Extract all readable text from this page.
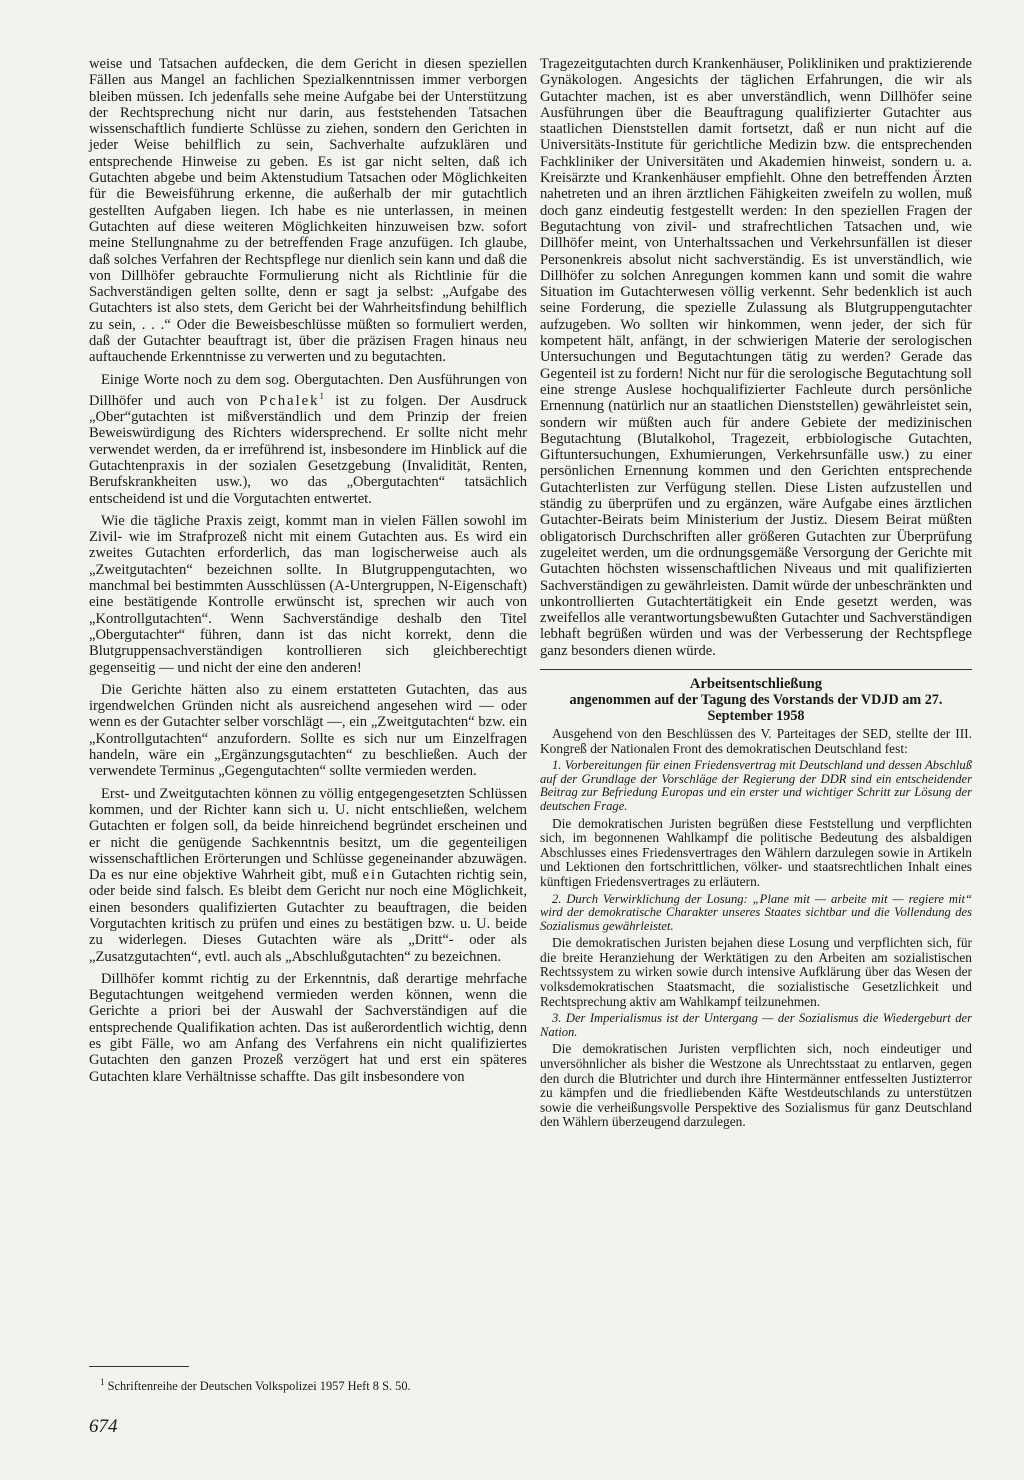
weise und Tatsachen aufdecken, die dem Gericht in diesen speziellen Fällen aus Mangel an fachlichen Spezialkenntnissen immer verborgen bleiben müssen. Ich jedenfalls sehe meine Aufgabe bei der Unterstützung der Rechtsprechung nicht nur darin, aus feststehenden Tatsachen wissenschaftlich fundierte Schlüsse zu ziehen, sondern den Gerichten in jeder Weise behilflich zu sein, Sachverhalte aufzuklären und entsprechende Hinweise zu geben. Es ist gar nicht selten, daß ich Gutachten abgebe und beim Aktenstudium Tatsachen oder Möglichkeiten für die Beweisführung erkenne, die außerhalb der mir gutachtlich gestellten Aufgaben liegen. Ich habe es nie unterlassen, in meinen Gutachten auf diese weiteren Möglichkeiten hinzuweisen bzw. sofort meine Stellungnahme zu der betreffenden Frage anzufügen. Ich glaube, daß solches Verfahren der Rechtspflege nur dienlich sein kann und daß die von Dillhöfer gebrauchte Formulierung nicht als Richtlinie für die Sachverständigen gelten sollte, denn er sagt ja selbst: „Aufgabe des Gutachters ist also stets, dem Gericht bei der Wahrheitsfindung behilflich zu sein, . . .“ Oder die Beweisbeschlüsse müßten so formuliert werden, daß der Gutachter beauftragt ist, über die präzisen Fragen hinaus neu auftauchende Erkenntnisse zu verwerten und zu begutachten.

Einige Worte noch zu dem sog. Obergutachten. Den Ausführungen von Dillhöfer und auch von Pchalek$^1$ ist zu folgen. Der Ausdruck „Ober“gutachten ist mißverständlich und dem Prinzip der freien Beweiswürdigung des Richters widersprechend. Er sollte nicht mehr verwendet werden, da er irreführend ist, insbesondere im Hinblick auf die Gutachtenpraxis in der sozialen Gesetzgebung (Invalidität, Renten, Berufskrankheiten usw.), wo das „Obergutachten“ tatsächlich entscheidend ist und die Vorgutachten entwertet.

Wie die tägliche Praxis zeigt, kommt man in vielen Fällen sowohl im Zivil- wie im Strafprozeß nicht mit einem Gutachten aus. Es wird ein zweites Gutachten erforderlich, das man logischerweise auch als „Zweitgutachten“ bezeichnen sollte. In Blutgruppengutachten, wo manchmal bei bestimmten Ausschlüssen (A-Untergruppen, N-Eigenschaft) eine bestätigende Kontrolle erwünscht ist, sprechen wir auch von „Kontrollgutachten“. Wenn Sachverständige deshalb den Titel „Obergutachter“ führen, dann ist das nicht korrekt, denn die Blutgruppensachverständigen kontrollieren sich gleichberechtigt gegenseitig — und nicht der eine den anderen!

Die Gerichte hätten also zu einem erstatteten Gutachten, das aus irgendwelchen Gründen nicht als ausreichend angesehen wird — oder wenn es der Gutachter selber vorschlägt —, ein „Zweitgutachten“ bzw. ein „Kontrollgutachten“ anzufordern. Sollte es sich nur um Einzelfragen handeln, wäre ein „Ergänzungsgutachten“ zu beschließen. Auch der verwendete Terminus „Gegengutachten“ sollte vermieden werden.

Erst- und Zweitgutachten können zu völlig entgegengesetzten Schlüssen kommen, und der Richter kann sich u. U. nicht entschließen, welchem Gutachten er folgen soll, da beide hinreichend begründet erscheinen und er nicht die genügende Sachkenntnis besitzt, um die gegenteiligen wissenschaftlichen Erörterungen und Schlüsse gegeneinander abzuwägen. Da es nur eine objektive Wahrheit gibt, muß ein Gutachten richtig sein, oder beide sind falsch. Es bleibt dem Gericht nur noch eine Möglichkeit, einen besonders qualifizierten Gutachter zu beauftragen, die beiden Vorgutachten kritisch zu prüfen und eines zu bestätigen bzw. u. U. beide zu widerlegen. Dieses Gutachten wäre als „Dritt“- oder als „Zusatzgutachten“, evtl. auch als „Abschlußgutachten“ zu bezeichnen.

Dillhöfer kommt richtig zu der Erkenntnis, daß derartige mehrfache Begutachtungen weitgehend vermieden werden können, wenn die Gerichte a priori bei der Auswahl der Sachverständigen auf die entsprechende Qualifikation achten. Das ist außerordentlich wichtig, denn es gibt Fälle, wo am Anfang des Verfahrens ein nicht qualifiziertes Gutachten den ganzen Prozeß verzögert hat und erst ein späteres Gutachten klare Verhältnisse schaffte. Das gilt insbesondere von

Tragezeitgutachten durch Krankenhäuser, Polikliniken und praktizierende Gynäkologen. Angesichts der täglichen Erfahrungen, die wir als Gutachter machen, ist es aber unverständlich, wenn Dillhöfer seine Ausführungen über die Beauftragung qualifizierter Gutachter aus staatlichen Dienststellen damit fortsetzt, daß er nun nicht auf die Universitäts-Institute für gerichtliche Medizin bzw. die entsprechenden Fachkliniker der Universitäten und Akademien hinweist, sondern u. a. Kreisärzte und Krankenhäuser empfiehlt. Ohne den betreffenden Ärzten nahetreten und an ihren ärztlichen Fähigkeiten zweifeln zu wollen, muß doch ganz eindeutig festgestellt werden: In den speziellen Fragen der Begutachtung von zivil- und strafrechtlichen Tatsachen und, wie Dillhöfer meint, von Unterhaltssachen und Verkehrsunfällen ist dieser Personenkreis absolut nicht sachverständig. Es ist unverständlich, wie Dillhöfer zu solchen Anregungen kommen kann und somit die wahre Situation im Gutachterwesen völlig verkennt. Sehr bedenklich ist auch seine Forderung, die spezielle Zulassung als Blutgruppengutachter aufzugeben. Wo sollten wir hinkommen, wenn jeder, der sich für kompetent hält, anfängt, in der schwierigen Materie der serologischen Untersuchungen und Begutachtungen tätig zu werden? Gerade das Gegenteil ist zu fordern! Nicht nur für die serologische Begutachtung soll eine strenge Auslese hochqualifizierter Fachleute durch persönliche Ernennung (natürlich nur an staatlichen Dienststellen) gewährleistet sein, sondern wir müßten auch für andere Gebiete der medizinischen Begutachtung (Blutalkohol, Tragezeit, erbbiologische Gutachten, Giftuntersuchungen, Exhumierungen, Verkehrsunfälle usw.) zu einer persönlichen Ernennung kommen und den Gerichten entsprechende Gutachterlisten zur Verfügung stellen. Diese Listen aufzustellen und ständig zu überprüfen und zu ergänzen, wäre Aufgabe eines ärztlichen Gutachter-Beirats beim Ministerium der Justiz. Diesem Beirat müßten obligatorisch Durchschriften aller größeren Gutachten zur Überprüfung zugeleitet werden, um die ordnungsgemäße Versorgung der Gerichte mit Gutachten höchsten wissenschaftlichen Niveaus und mit qualifizierten Sachverständigen zu gewährleisten. Damit würde der unbeschränkten und unkontrollierten Gutachtertätigkeit ein Ende gesetzt werden, was zweifellos alle verantwortungsbewußten Gutachter und Sachverständigen lebhaft begrüßen würden und was der Verbesserung der Rechtspflege ganz besonders dienen würde.

Arbeitsentschließung
angenommen auf der Tagung des Vorstands der VDJD am 27. September 1958

Ausgehend von den Beschlüssen des V. Parteitages der SED, stellte der III. Kongreß der Nationalen Front des demokratischen Deutschland fest:

1. Vorbereitungen für einen Friedensvertrag mit Deutschland und dessen Abschluß auf der Grundlage der Vorschläge der Regierung der DDR sind ein entscheidender Beitrag zur Befriedung Europas und ein erster und wichtiger Schritt zur Lösung der deutschen Frage.

Die demokratischen Juristen begrüßen diese Feststellung und verpflichten sich, im begonnenen Wahlkampf die politische Bedeutung des alsbaldigen Abschlusses eines Friedensvertrages den Wählern darzulegen sowie in Artikeln und Lektionen den fortschrittlichen, völker- und staatsrechtlichen Inhalt eines künftigen Friedensvertrages zu erläutern.

2. Durch Verwirklichung der Losung: „Plane mit — arbeite mit — regiere mit“ wird der demokratische Charakter unseres Staates sichtbar und die Vollendung des Sozialismus gewährleistet.

Die demokratischen Juristen bejahen diese Losung und verpflichten sich, für die breite Heranziehung der Werktätigen zu den Arbeiten am sozialistischen Rechtssystem zu wirken sowie durch intensive Aufklärung über das Wesen der volksdemokratischen Staatsmacht, die sozialistische Gesetzlichkeit und Rechtsprechung aktiv am Wahlkampf teilzunehmen.

3. Der Imperialismus ist der Untergang — der Sozialismus die Wiedergeburt der Nation.

Die demokratischen Juristen verpflichten sich, noch eindeutiger und unversöhnlicher als bisher die Westzone als Unrechtsstaat zu entlarven, gegen den durch die Blutrichter und durch ihre Hintermänner entfesselten Justizterror zu kämpfen und die friedliebenden Käfte Westdeutschlands zu unterstützen sowie die verheißungsvolle Perspektive des Sozialismus für ganz Deutschland den Wählern überzeugend darzulegen.

$^1$ Schriftenreihe der Deutschen Volkspolizei 1957 Heft 8 S. 50.
674
